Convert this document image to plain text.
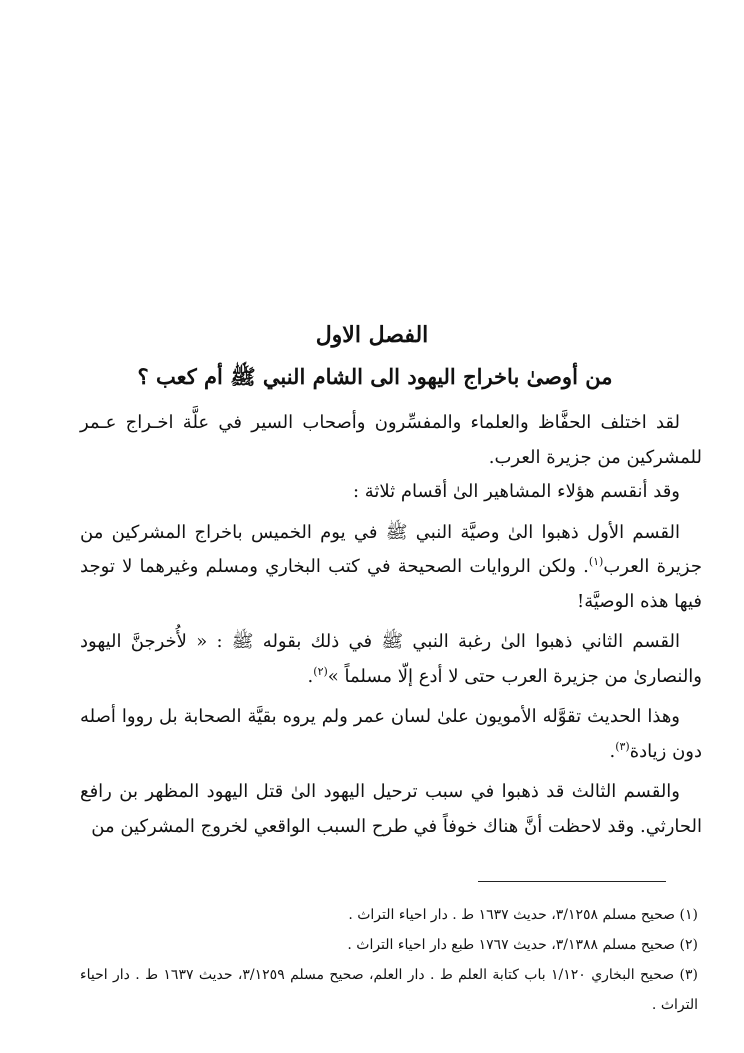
الفصل الاول
من أوصىٰ باخراج اليهود الى الشام النبي ﷺ أم كعب ؟

لقد اختلف الحفَّاظ والعلماء والمفسِّرون وأصحاب السير في علَّة اخـراج عـمر للمشركين من جزيرة العرب.

وقد أنقسم هؤلاء المشاهير الىٰ أقسام ثلاثة :

القسم الأول ذهبوا الىٰ وصيَّة النبي ﷺ في يوم الخميس باخراج المشركين من جزيرة العرب$^{(١)}$. ولكن الروايات الصحيحة في كتب البخاري ومسلم وغيرهما لا توجد فيها هذه الوصيَّة!

القسم الثاني ذهبوا الىٰ رغبة النبي ﷺ في ذلك بقوله ﷺ : « لأُخرجنَّ اليهود والنصارىٰ من جزيرة العرب حتى لا أدع إلّا مسلماً »$^{(٢)}$.

وهذا الحديث تقوَّله الأمويون علىٰ لسان عمر ولم يروه بقيَّة الصحابة بل رووا أصله دون زيادة$^{(٣)}$.

والقسم الثالث قد ذهبوا في سبب ترحيل اليهود الىٰ قتل اليهود المظهر بن رافع الحارثي. وقد لاحظت أنَّ هناك خوفاً في طرح السبب الواقعي لخروج المشركين من

(١) صحيح مسلم ٣/١٢٥٨، حديث ١٦٣٧ ط . دار احياء التراث .

(٢) صحيح مسلم ٣/١٣٨٨، حديث ١٧٦٧ طبع دار احياء التراث .

(٣) صحيح البخاري ١/١٢٠ باب كتابة العلم ط . دار العلم، صحيح مسلم ٣/١٢٥٩، حديث ١٦٣٧ ط . دار احياء التراث .
